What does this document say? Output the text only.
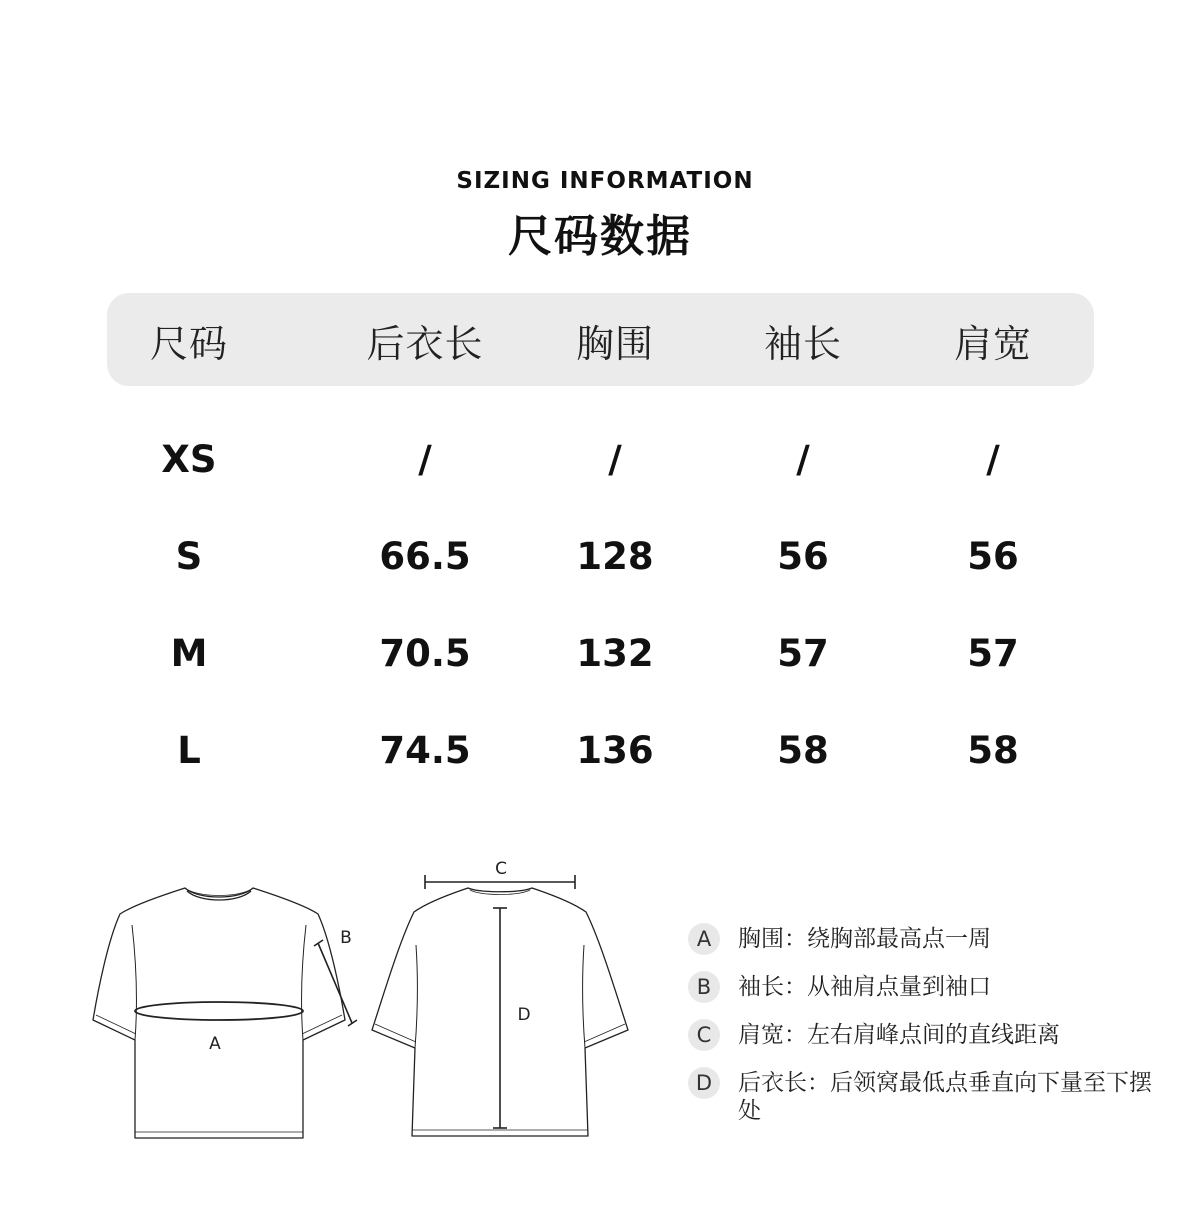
SIZING INFORMATION
尺码数据
尺码	后衣长	胸围	袖长	肩宽
XS	/	/	/	/
S	66.5	128	56	56
M	70.5	132	57	57
L	74.5	136	58	58
A
B
C
D
A	胸围：绕胸部最高点一周
B	袖长：从袖肩点量到袖口
C	肩宽：左右肩峰点间的直线距离
D	后衣长：后领窝最低点垂直向下量至下摆处
